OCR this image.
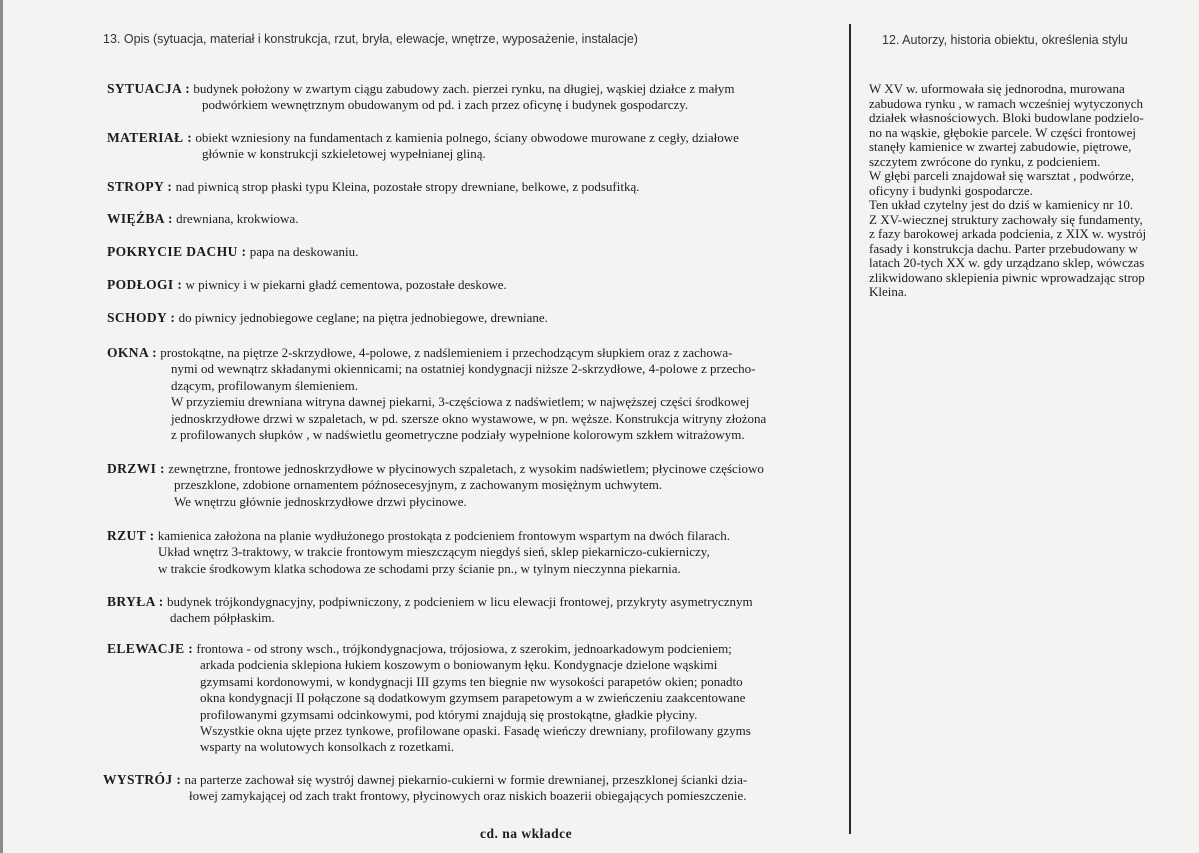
13. Opis (sytuacja, materiał i konstrukcja, rzut, bryła, elewacje, wnętrze, wyposażenie, instalacje)	12. Autorzy, historia obiektu, określenia stylu
SYTUACJA : budynek położony w zwartym ciągu zabudowy zach. pierzei rynku, na długiej, wąskiej działce z małym
podwórkiem wewnętrznym obudowanym od pd. i zach przez oficynę i budynek gospodarczy.
MATERIAŁ : obiekt wzniesiony na fundamentach z kamienia polnego, ściany obwodowe murowane z cegły, działowe
głównie w konstrukcji szkieletowej wypełnianej gliną.
STROPY : nad piwnicą strop płaski typu Kleina, pozostałe stropy drewniane, belkowe, z podsufitką.
WIĘŹBA : drewniana, krokwiowa.
POKRYCIE DACHU : papa na deskowaniu.
PODŁOGI : w piwnicy i w piekarni gładź cementowa, pozostałe deskowe.
SCHODY : do piwnicy jednobiegowe ceglane; na piętra jednobiegowe, drewniane.
OKNA : prostokątne, na piętrze 2-skrzydłowe, 4-polowe, z nadślemieniem i przechodzącym słupkiem oraz z zachowa-
nymi od wewnątrz składanymi okiennicami; na ostatniej kondygnacji niższe 2-skrzydłowe, 4-polowe z przecho-
dzącym, profilowanym ślemieniem.
W przyziemiu drewniana witryna dawnej piekarni, 3-częściowa z nadświetlem; w najwęższej części środkowej
jednoskrzydłowe drzwi w szpaletach, w pd. szersze okno wystawowe, w pn. węższe. Konstrukcja witryny złożona
z profilowanych słupków , w nadświetlu geometryczne podziały wypełnione kolorowym szkłem witrażowym.
DRZWI : zewnętrzne, frontowe jednoskrzydłowe w płycinowych szpaletach, z wysokim nadświetlem; płycinowe częściowo
przeszklone, zdobione ornamentem późnosecesyjnym, z zachowanym mosiężnym uchwytem.
We wnętrzu głównie jednoskrzydłowe drzwi płycinowe.
RZUT : kamienica założona na planie wydłużonego prostokąta z podcieniem frontowym wspartym na dwóch filarach.
Układ wnętrz 3-traktowy, w trakcie frontowym mieszczącym niegdyś sień, sklep piekarniczo-cukierniczy,
w trakcie środkowym klatka schodowa ze schodami przy ścianie pn., w tylnym nieczynna piekarnia.
BRYŁA : budynek trójkondygnacyjny, podpiwniczony, z podcieniem w licu elewacji frontowej, przykryty asymetrycznym
dachem półpłaskim.
ELEWACJE : frontowa - od strony wsch., trójkondygnacjowa, trójosiowa, z szerokim, jednoarkadowym podcieniem;
arkada podcienia sklepiona łukiem koszowym o boniowanym łęku. Kondygnacje dzielone wąskimi
gzymsami kordonowymi, w kondygnacji III gzyms ten biegnie nw wysokości parapetów okien; ponadto
okna kondygnacji II połączone są dodatkowym gzymsem parapetowym a w zwieńczeniu zaakcentowane
profilowanymi gzymsami odcinkowymi, pod którymi znajdują się prostokątne, gładkie płyciny.
Wszystkie okna ujęte przez tynkowe, profilowane opaski. Fasadę wieńczy drewniany, profilowany gzyms
wsparty na wolutowych konsolkach z rozetkami.
WYSTRÓJ : na parterze zachował się wystrój dawnej piekarnio-cukierni w formie drewnianej, przeszklonej ścianki dzia-
łowej zamykającej od zach trakt frontowy, płycinowych oraz niskich boazerii obiegających pomieszczenie.
W XV w. uformowała się jednorodna, murowana
zabudowa rynku , w ramach wcześniej wytyczonych
działek własnościowych. Bloki budowlane podzielo-
no na wąskie, głębokie parcele. W części frontowej
stanęły kamienice w zwartej zabudowie, piętrowe,
szczytem zwrócone do rynku, z podcieniem.
W głębi parceli znajdował się warsztat , podwórze,
oficyny i budynki gospodarcze.
Ten układ czytelny jest do dziś w kamienicy nr 10.
Z XV-wiecznej struktury zachowały się fundamenty,
z fazy barokowej arkada podcienia, z XIX w. wystrój
fasady i konstrukcja dachu. Parter przebudowany w
latach 20-tych XX w. gdy urządzano sklep, wówczas
zlikwidowano sklepienia piwnic wprowadzając strop
Kleina.
cd. na wkładce
